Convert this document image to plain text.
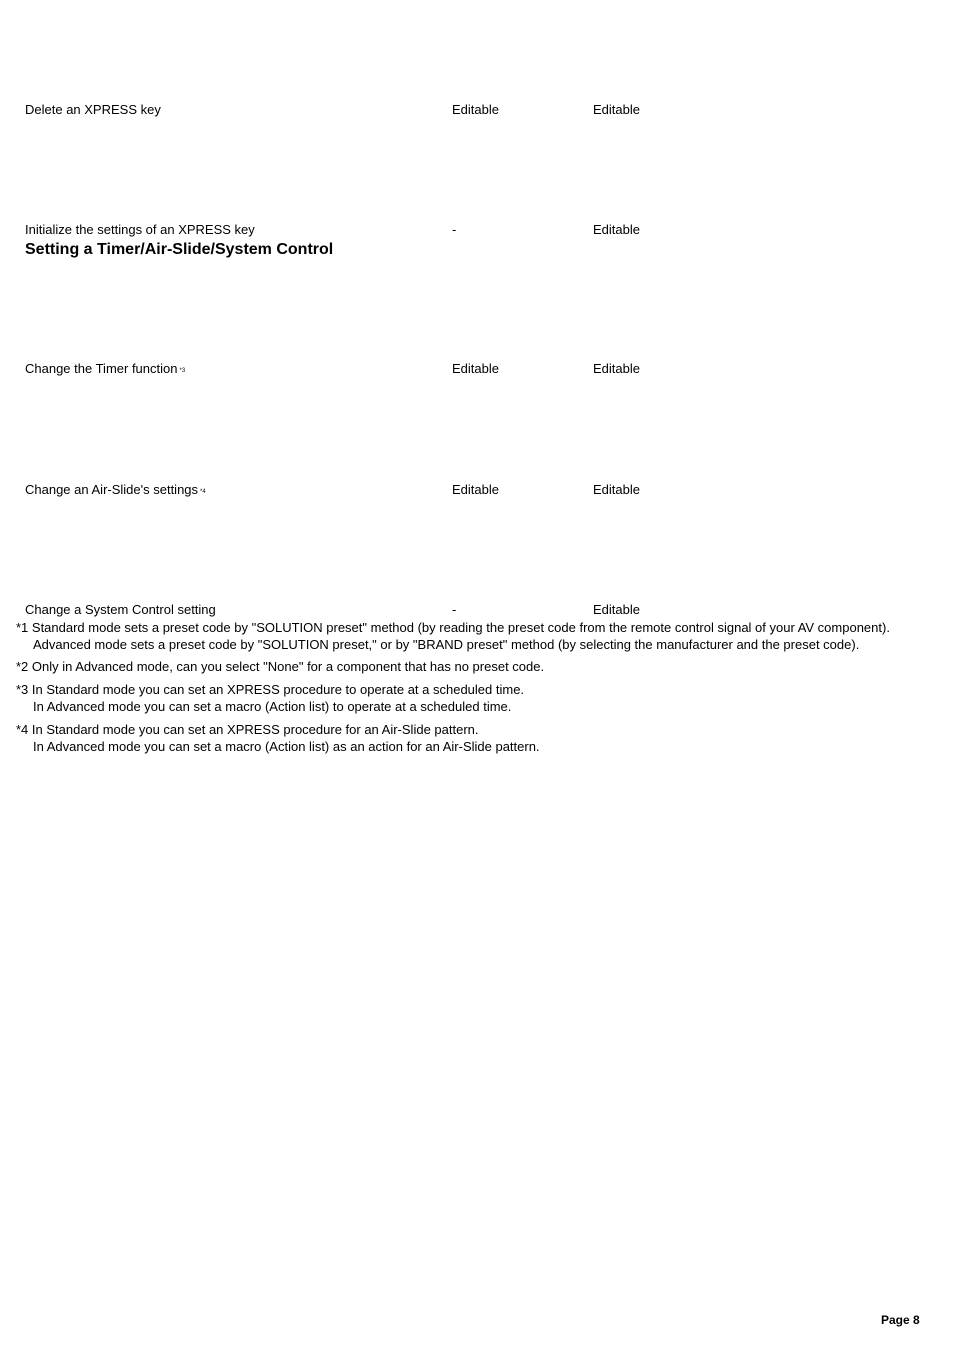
Delete an XPRESS key	Editable	Editable
Initialize the settings of an XPRESS key	-	Editable
Setting a Timer/Air-Slide/System Control
Change the Timer function $^{*3}$	Editable	Editable
Change an Air-Slide's settings $^{*4}$	Editable	Editable
Change a System Control setting	-	Editable
*1 Standard mode sets a preset code by "SOLUTION preset" method (by reading the preset code from the remote control signal of your AV component).
Advanced mode sets a preset code by "SOLUTION preset," or by "BRAND preset" method (by selecting the manufacturer and the preset code).
*2 Only in Advanced mode, can you select "None" for a component that has no preset code.
*3 In Standard mode you can set an XPRESS procedure to operate at a scheduled time.
In Advanced mode you can set a macro (Action list) to operate at a scheduled time.
*4 In Standard mode you can set an XPRESS procedure for an Air-Slide pattern.
In Advanced mode you can set a macro (Action list) as an action for an Air-Slide pattern.
Page 8
